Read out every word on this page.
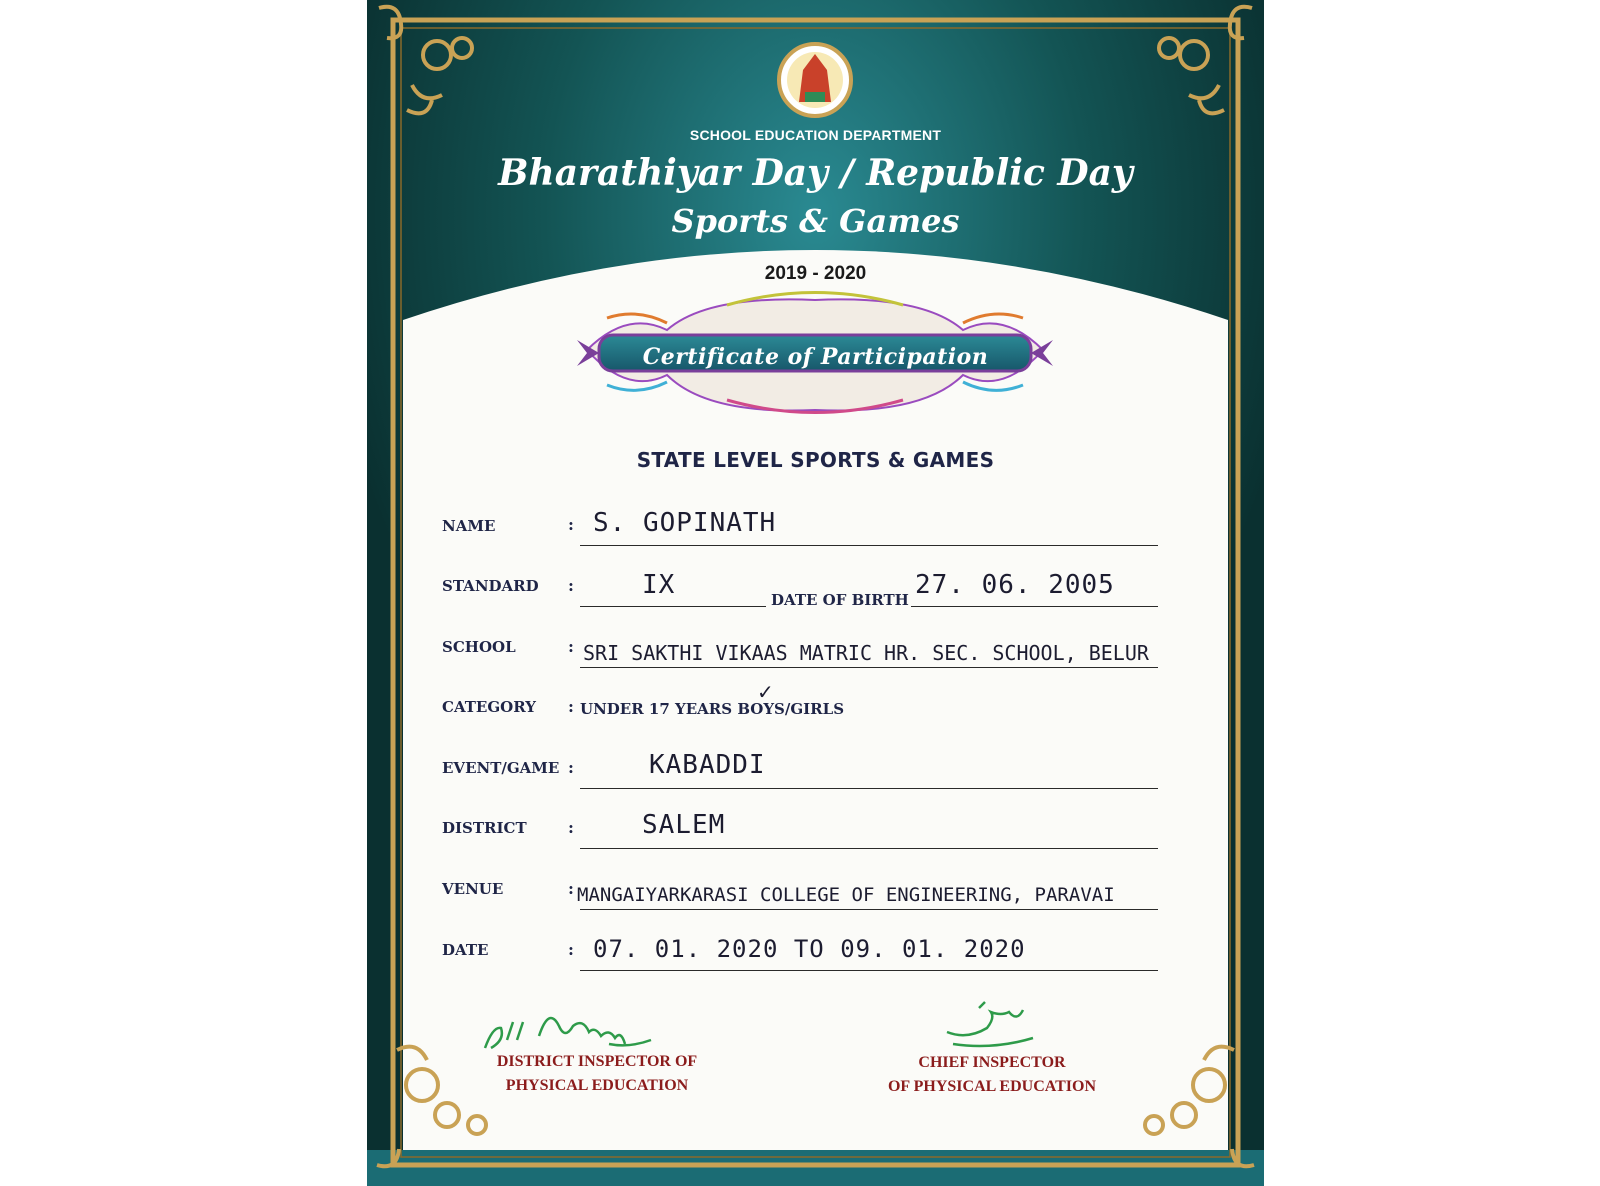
SCHOOL EDUCATION DEPARTMENT
Bharathiyar Day / Republic Day
Sports & Games
2019 - 2020
Certificate of Participation
STATE LEVEL SPORTS & GAMES
NAME	: S. GOPINATH
STANDARD	:	IX	DATE OF BIRTH 27. 06. 2005
SCHOOL	: SRI SAKTHI VIKAAS MATRIC HR. SEC. SCHOOL, BELUR
CATEGORY	: UNDER 17 YEARS BOYS/GIRLS
✓
EVENT/GAME :	KABADDI
DISTRICT	:	SALEM
VENUE	: MANGAIYARKARASI COLLEGE OF ENGINEERING, PARAVAI
DATE	: 07. 01. 2020 TO 09. 01. 2020
DISTRICT INSPECTOR OF
PHYSICAL EDUCATION
CHIEF INSPECTOR
OF PHYSICAL EDUCATION
